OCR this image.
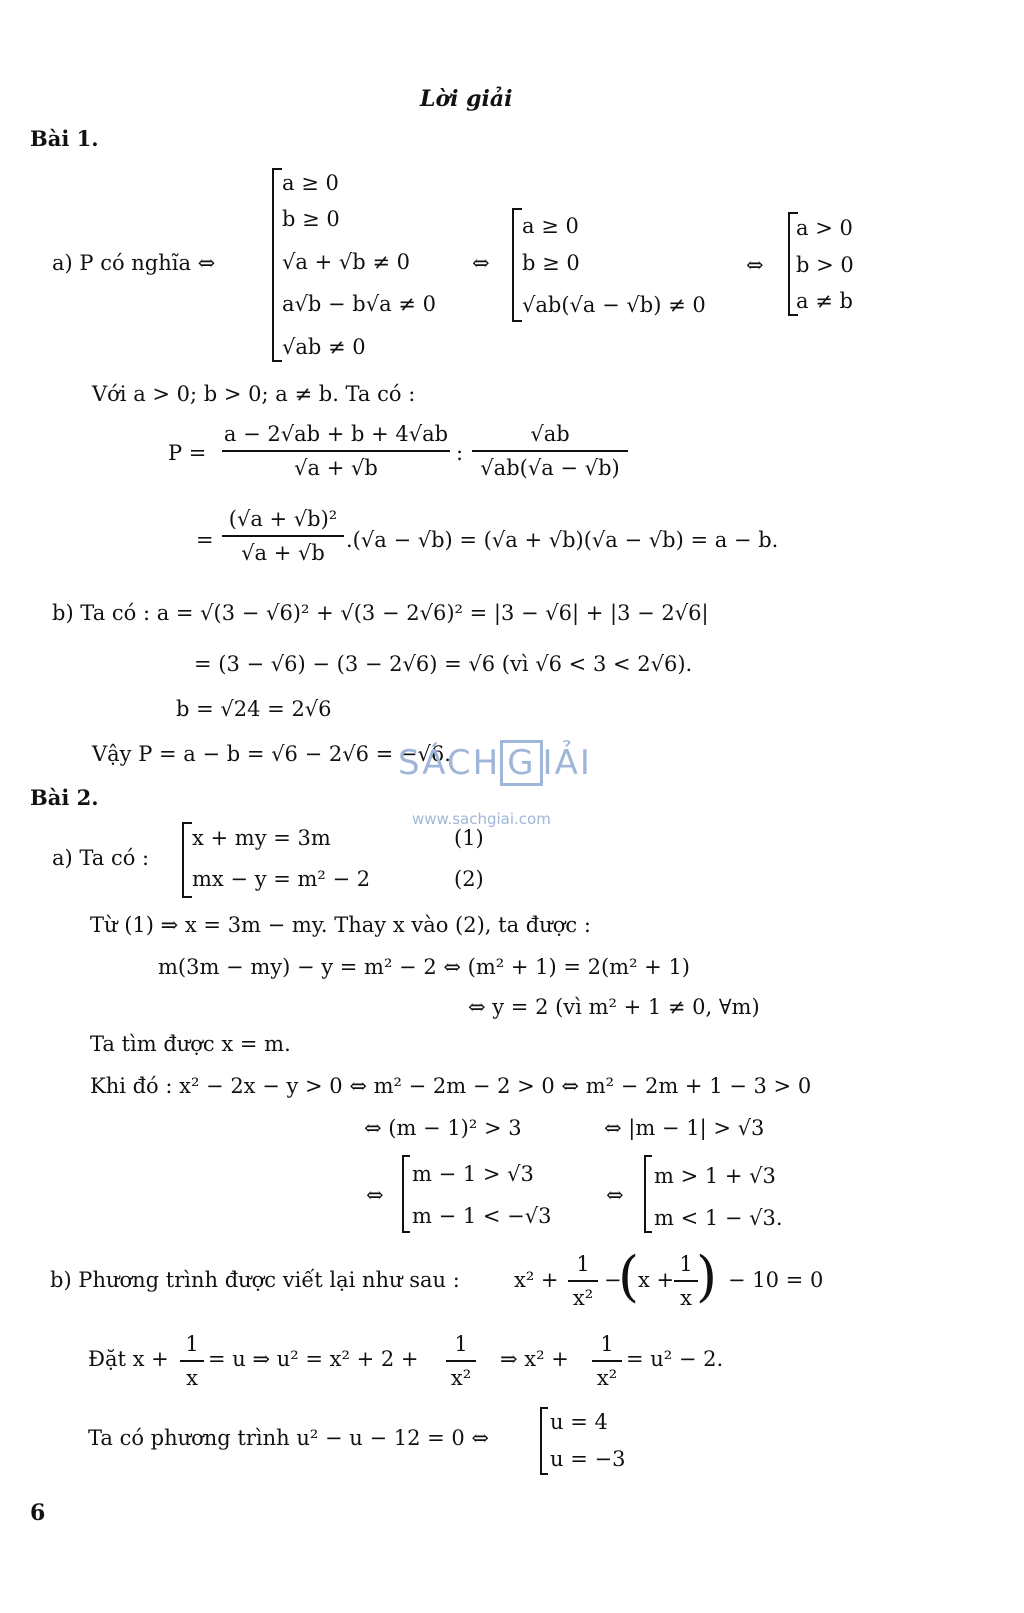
Lời giải
Bài 1.
a) P có nghĩa ⇔
a ≥ 0
b ≥ 0
√a + √b ≠ 0
a√b − b√a ≠ 0
√ab ≠ 0
⇔
a ≥ 0
b ≥ 0
√ab(√a − √b) ≠ 0
⇔
a > 0
b > 0
a ≠ b
Với a > 0; b > 0; a ≠ b. Ta có :
P =
a − 2√ab + b + 4√ab
√a + √b
:
√ab
√ab(√a − √b)
=
(√a + √b)²
√a + √b
.(√a − √b) = (√a + √b)(√a − √b) = a − b.
b) Ta có : a = √(3 − √6)² + √(3 − 2√6)² = |3 − √6| + |3 − 2√6|
= (3 − √6) − (3 − 2√6) = √6 (vì √6 < 3 < 2√6).
b = √24 = 2√6
Vậy P = a − b = √6 − 2√6 = −√6.
SÁCH G IẢI
www.sachgiai.com
Bài 2.
a) Ta có :
x + my = 3m
mx − y = m² − 2
(1)
(2)
Từ (1) ⇒ x = 3m − my. Thay x vào (2), ta được :
m(3m − my) − y = m² − 2 ⇔ (m² + 1) = 2(m² + 1)
⇔ y = 2 (vì m² + 1 ≠ 0, ∀m)
Ta tìm được x = m.
Khi đó : x² − 2x − y > 0 ⇔ m² − 2m − 2 > 0 ⇔ m² − 2m + 1 − 3 > 0
⇔ (m − 1)² > 3	⇔ |m − 1| > √3
⇔
m − 1 > √3
m − 1 < −√3
⇔
m > 1 + √3
m < 1 − √3.
b) Phương trình được viết lại như sau :	x² +
1
x²
−
(
x +
1
x ) − 10 = 0
Đặt x +
1
x
= u ⇒ u² = x² + 2 +
1
x²
⇒ x² +
1
x²
= u² − 2.
Ta có phương trình u² − u − 12 = 0 ⇔
u = 4
u = −3
6
